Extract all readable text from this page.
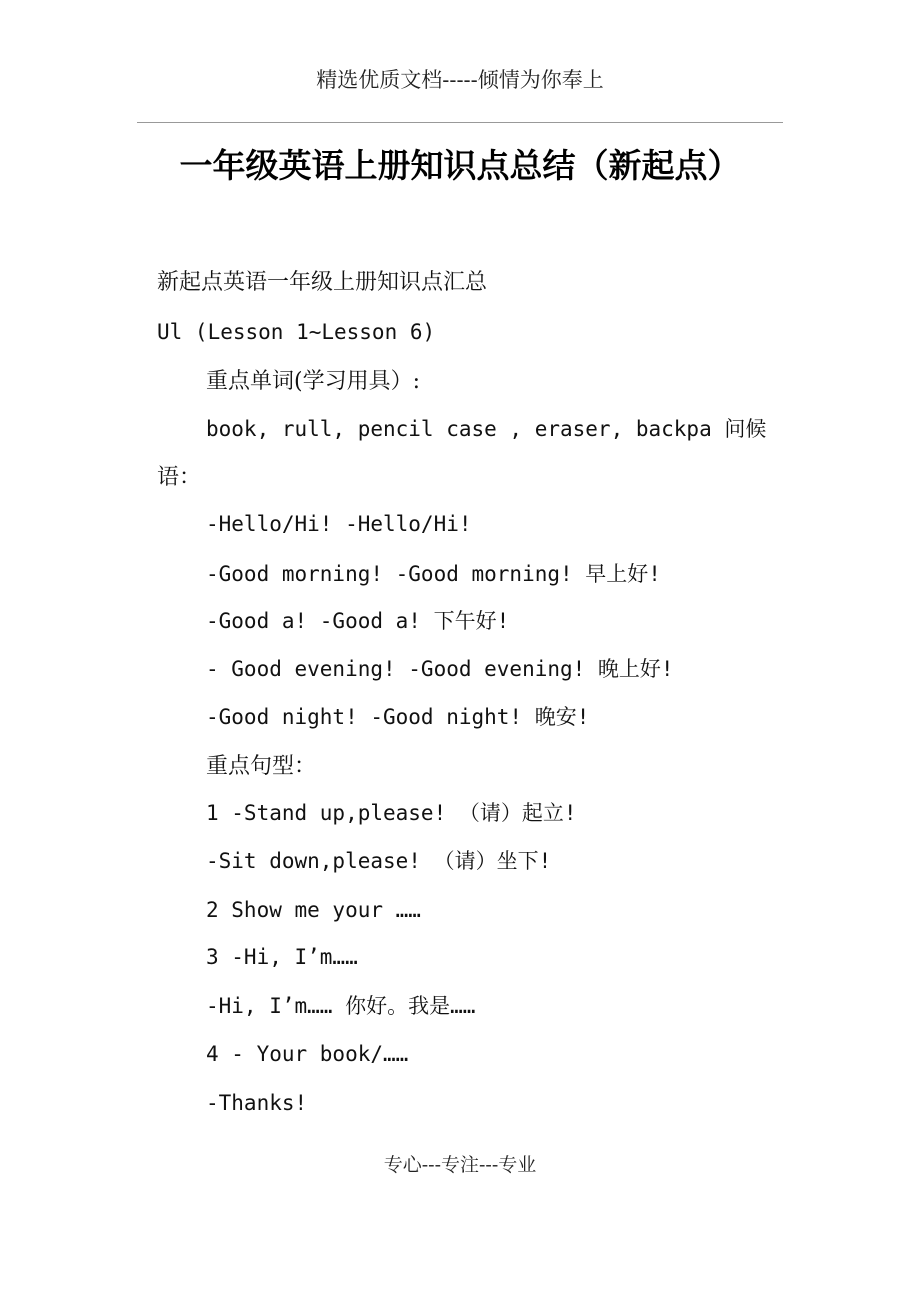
精选优质文档-----倾情为你奉上
一年级英语上册知识点总结（新起点）
新起点英语一年级上册知识点汇总
Ul (Lesson 1~Lesson 6)
重点单词(学习用具）:
book, rull, pencil case , eraser, backpa 问候
语：
-Hello/Hi! -Hello/Hi!
-Good morning! -Good morning! 早上好!
-Good a! -Good a! 下午好!
- Good evening! -Good evening! 晚上好!
-Good night! -Good night! 晚安!
重点句型：
1 -Stand up,please! （请）起立!
-Sit down,please! （请）坐下!
2 Show me your ……
3 -Hi, I’m……
-Hi, I’m…… 你好。我是……
4 - Your book/……
-Thanks!
专心---专注---专业
